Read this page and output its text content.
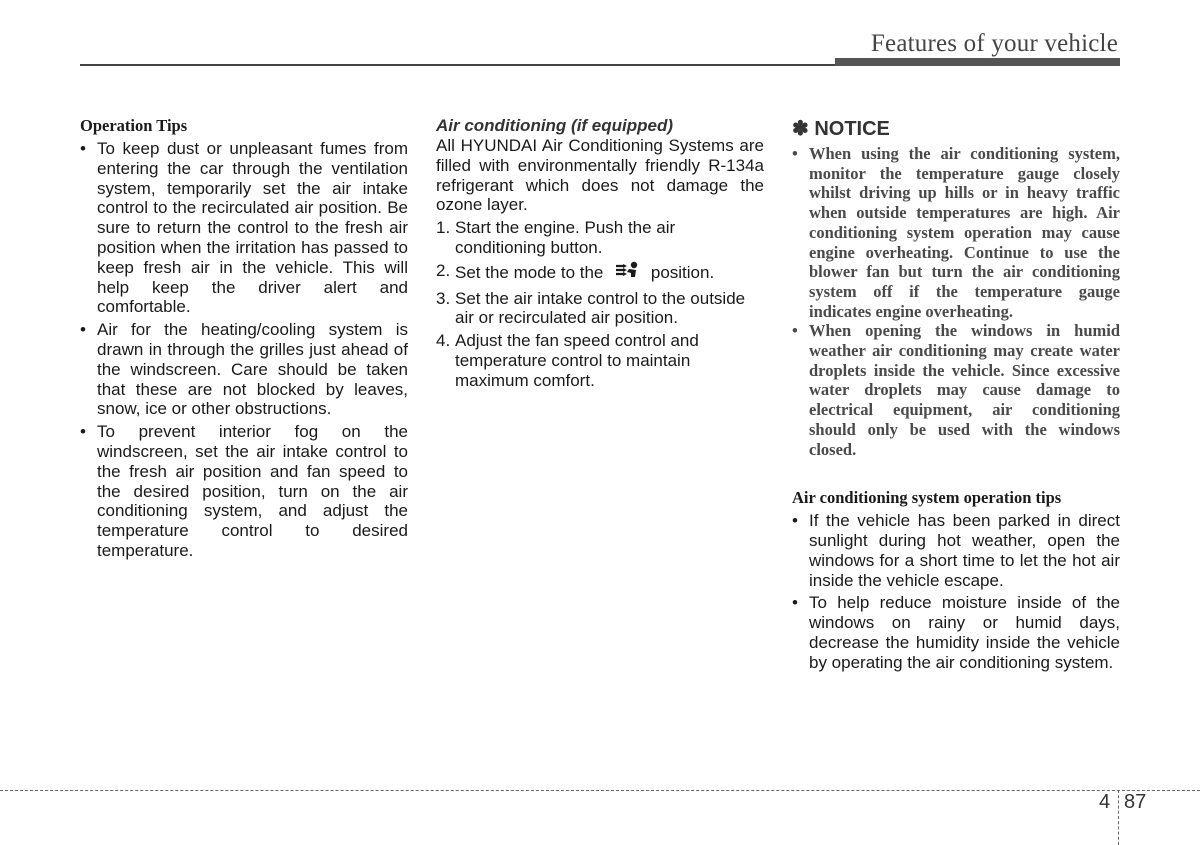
Features of your vehicle
Operation Tips
• To keep dust or unpleasant fumes from entering the car through the ventilation system, temporarily set the air intake control to the recirculated air position. Be sure to return the control to the fresh air position when the irritation has passed to keep fresh air in the vehicle. This will help keep the driver alert and comfortable.
• Air for the heating/cooling system is drawn in through the grilles just ahead of the windscreen. Care should be taken that these are not blocked by leaves, snow, ice or other obstructions.
• To prevent interior fog on the windscreen, set the air intake control to the fresh air position and fan speed to the desired position, turn on the air conditioning system, and adjust the temperature control to desired temperature.
Air conditioning (if equipped)

All HYUNDAI Air Conditioning Systems are filled with environmentally friendly R-134a refrigerant which does not damage the ozone layer.

1. Start the engine. Push the air conditioning button.
2. Set the mode to the	position.
3. Set the air intake control to the outside air or recirculated air position.
4. Adjust the fan speed control and temperature control to maintain maximum comfort.
✽ NOTICE
• When using the air conditioning system, monitor the temperature gauge closely whilst driving up hills or in heavy traffic when outside temperatures are high. Air conditioning system operation may cause engine overheating. Continue to use the blower fan but turn the air conditioning system off if the temperature gauge indicates engine overheating.
• When opening the windows in humid weather air conditioning may create water droplets inside the vehicle. Since excessive water droplets may cause damage to electrical equipment, air conditioning should only be used with the windows closed.
Air conditioning system operation tips
• If the vehicle has been parked in direct sunlight during hot weather, open the windows for a short time to let the hot air inside the vehicle escape.
• To help reduce moisture inside of the windows on rainy or humid days, decrease the humidity inside the vehicle by operating the air conditioning system.
4 87
